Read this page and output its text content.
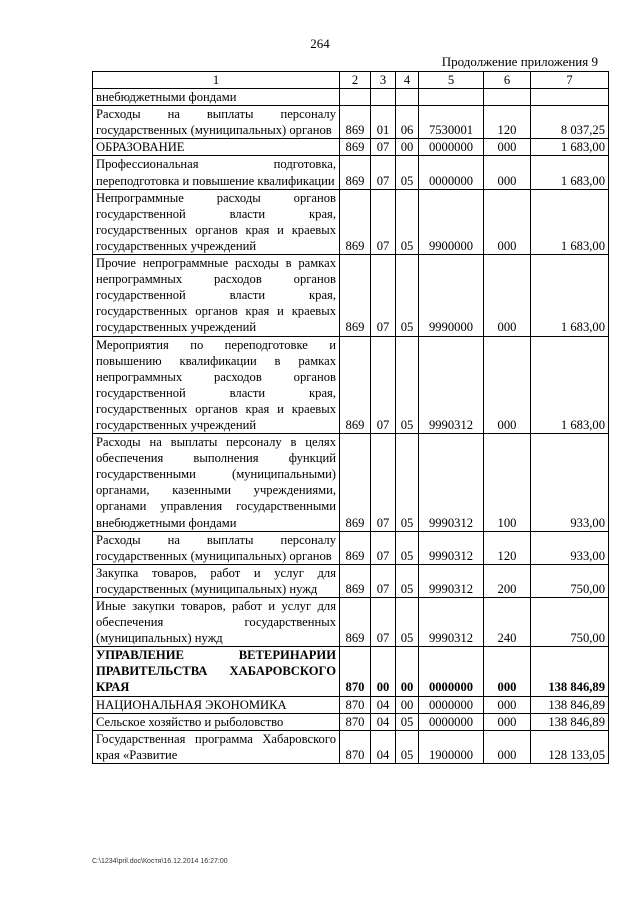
264
Продолжение приложения 9
1	2	3	4	5	6	7
внебюджетными фондами						
Расходы на выплаты персоналу государственных (муниципальных) органов	869	01	06	7530001	120	8 037,25
ОБРАЗОВАНИЕ	869	07	00	0000000	000	1 683,00
Профессиональная подготовка, переподготовка и повышение квалификации	869	07	05	0000000	000	1 683,00
Непрограммные расходы органов государственной власти края, государственных органов края и краевых государственных учреждений	869	07	05	9900000	000	1 683,00
Прочие непрограммные расходы в рамках непрограммных расходов органов государственной власти края, государственных органов края и краевых государственных учреждений	869	07	05	9990000	000	1 683,00
Мероприятия по переподготовке и повышению квалификации в рамках непрограммных расходов органов государственной власти края, государственных органов края и краевых государственных учреждений	869	07	05	9990312	000	1 683,00
Расходы на выплаты персоналу в целях обеспечения выполнения функций государственными (муниципальными) органами, казенными учреждениями, органами управления государственными внебюджетными фондами	869	07	05	9990312	100	933,00
Расходы на выплаты персоналу государственных (муниципальных) органов	869	07	05	9990312	120	933,00
Закупка товаров, работ и услуг для государственных (муниципальных) нужд	869	07	05	9990312	200	750,00
Иные закупки товаров, работ и услуг для обеспечения государственных (муниципальных) нужд	869	07	05	9990312	240	750,00
УПРАВЛЕНИЕ ВЕТЕРИНАРИИ ПРАВИТЕЛЬСТВА ХАБАРОВСКОГО КРАЯ	870	00	00	0000000	000	138 846,89
НАЦИОНАЛЬНАЯ ЭКОНОМИКА	870	04	00	0000000	000	138 846,89
Сельское хозяйство и рыболовство	870	04	05	0000000	000	138 846,89
Государственная программа Хабаровского края «Развитие	870	04	05	1900000	000	128 133,05
C:\1234\pril.doc\Костя\16.12.2014 16:27:00
